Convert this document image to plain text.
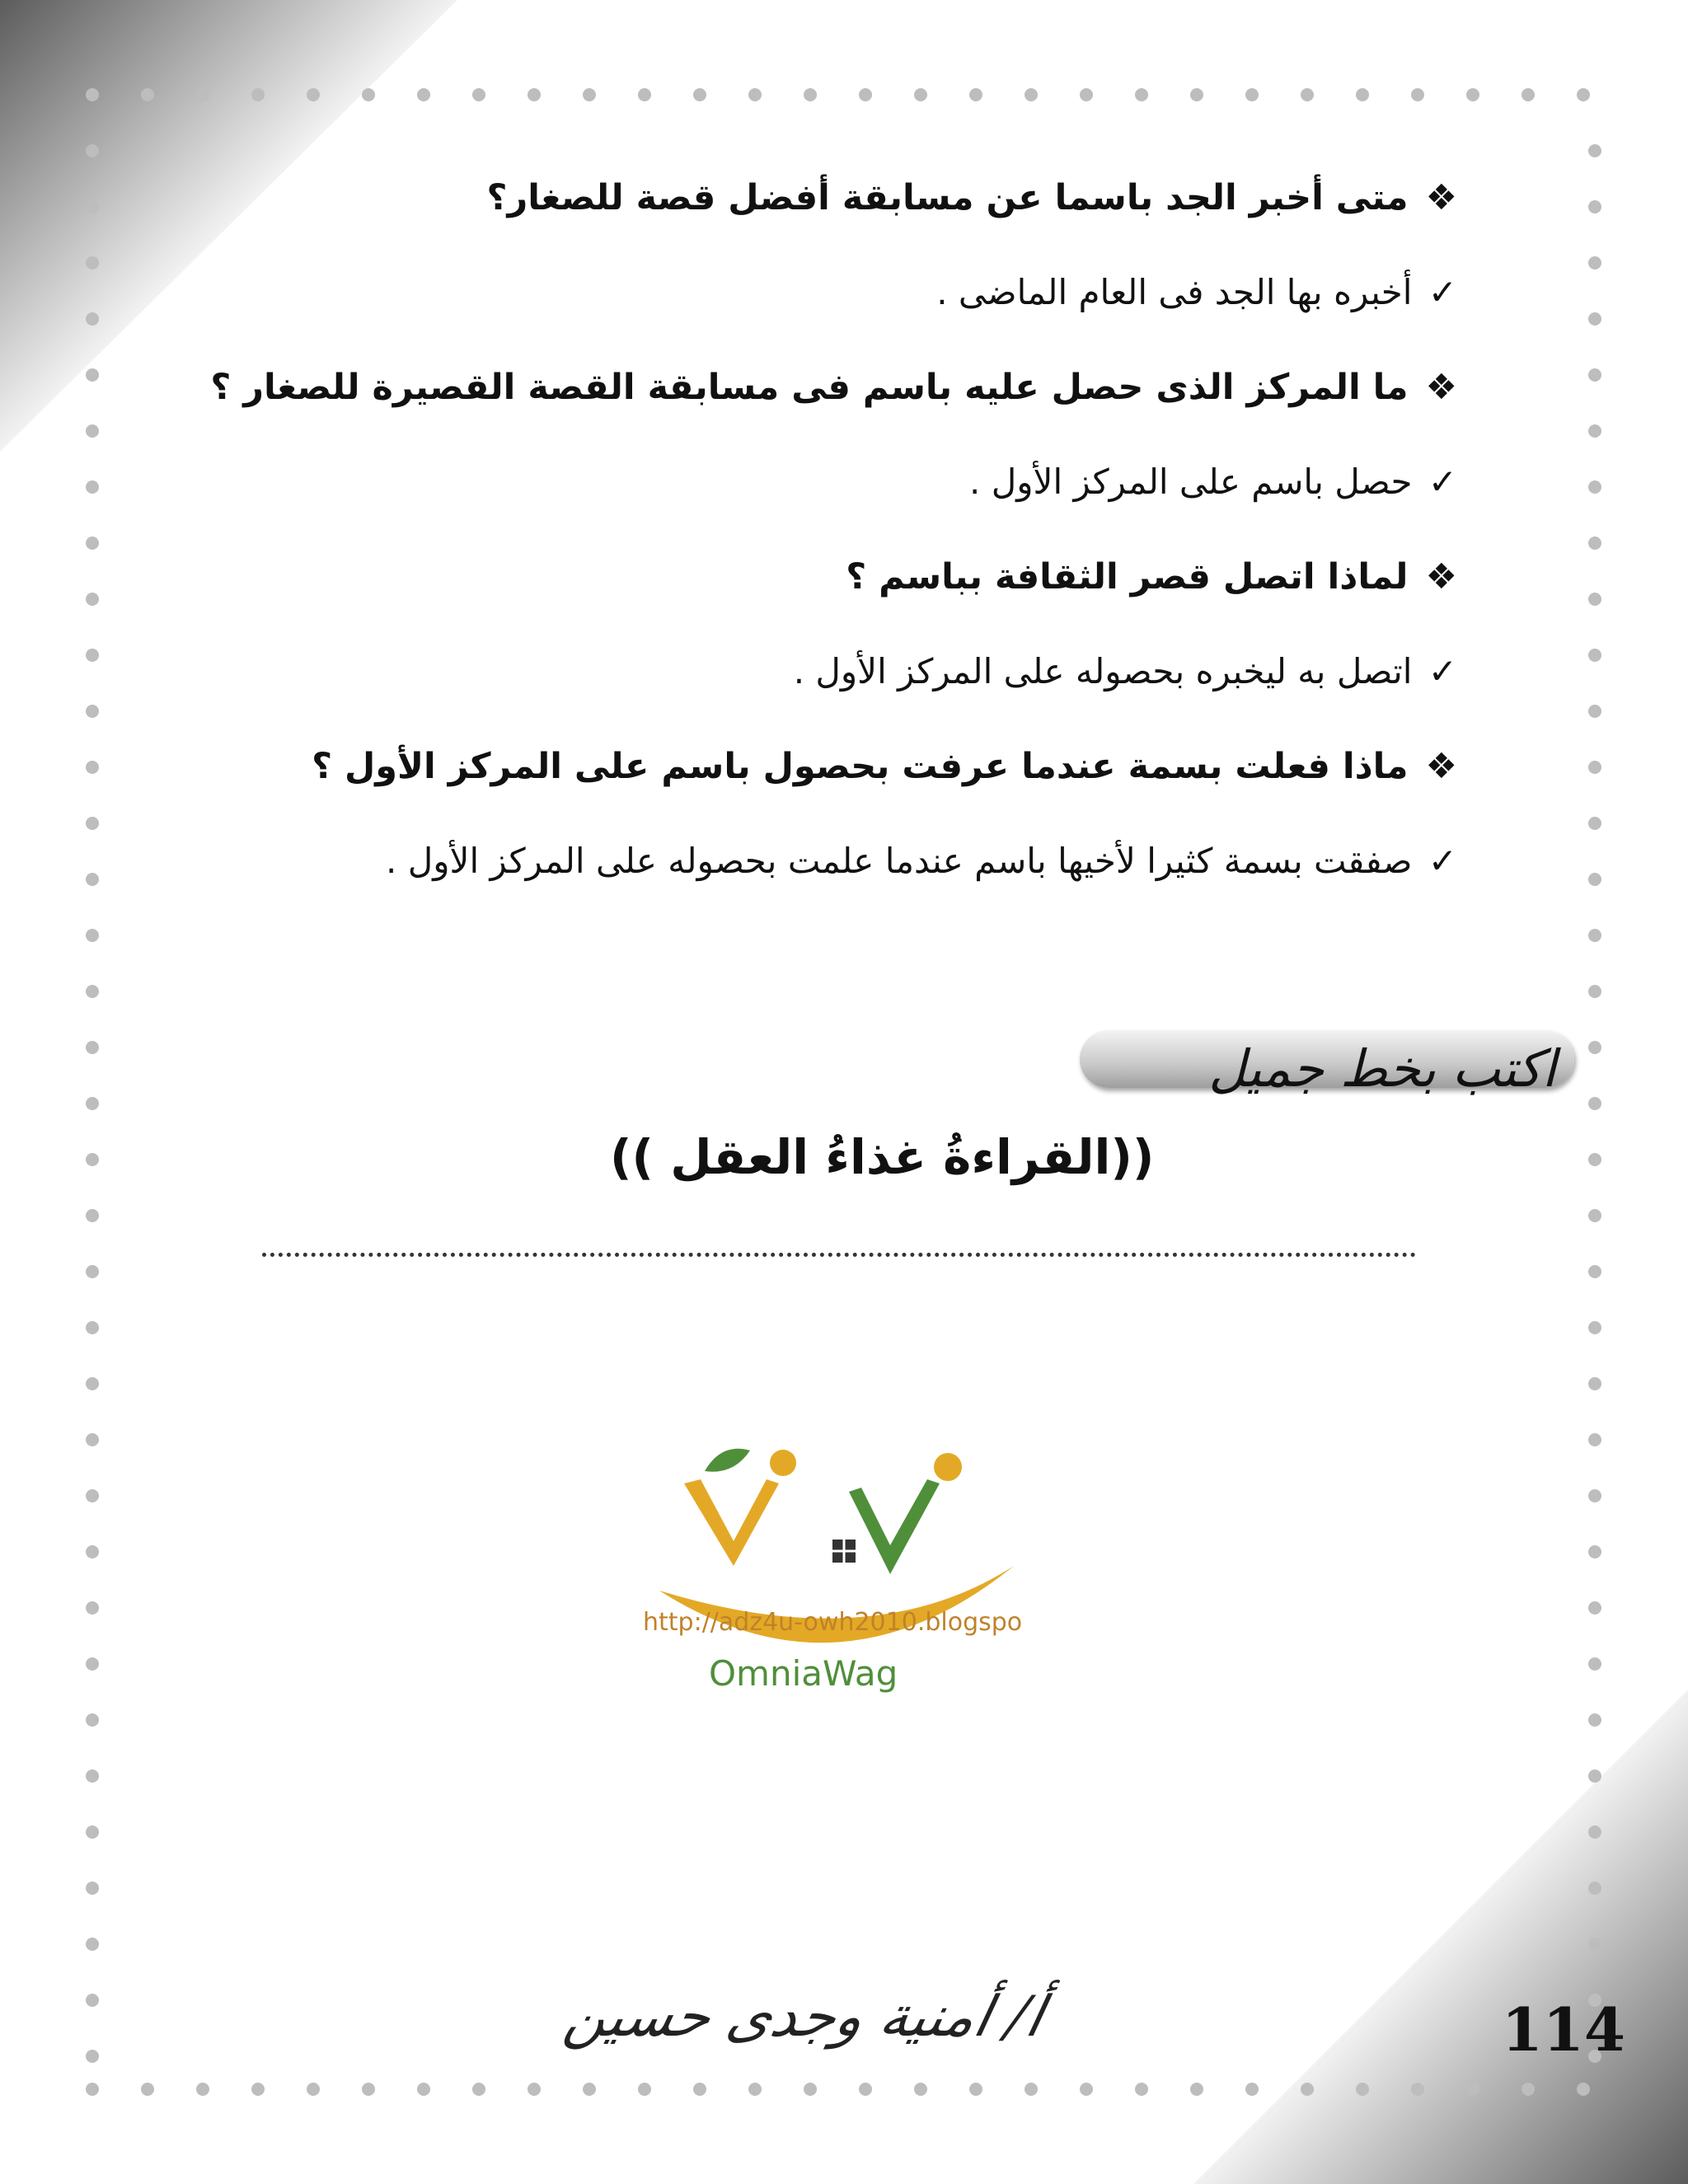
❖ متى أخبر الجد باسما عن مسابقة أفضل قصة للصغار؟
✓ أخبره بها الجد فى العام الماضى .
❖ ما المركز الذى حصل عليه باسم فى مسابقة القصة القصيرة للصغار ؟
✓ حصل باسم على المركز الأول .
❖ لماذا اتصل قصر الثقافة بباسم ؟
✓ اتصل به ليخبره بحصوله على المركز الأول .
❖ ماذا فعلت بسمة عندما عرفت بحصول باسم على المركز الأول ؟
✓ صفقت بسمة كثيرا لأخيها باسم عندما علمت بحصوله على المركز الأول .
اكتب بخط جميل
((القراءةُ غذاءُ العقل ))
http://adz4u-owh2010.blogspo
OmniaWag
أ/ أمنية وجدى حسين	114
